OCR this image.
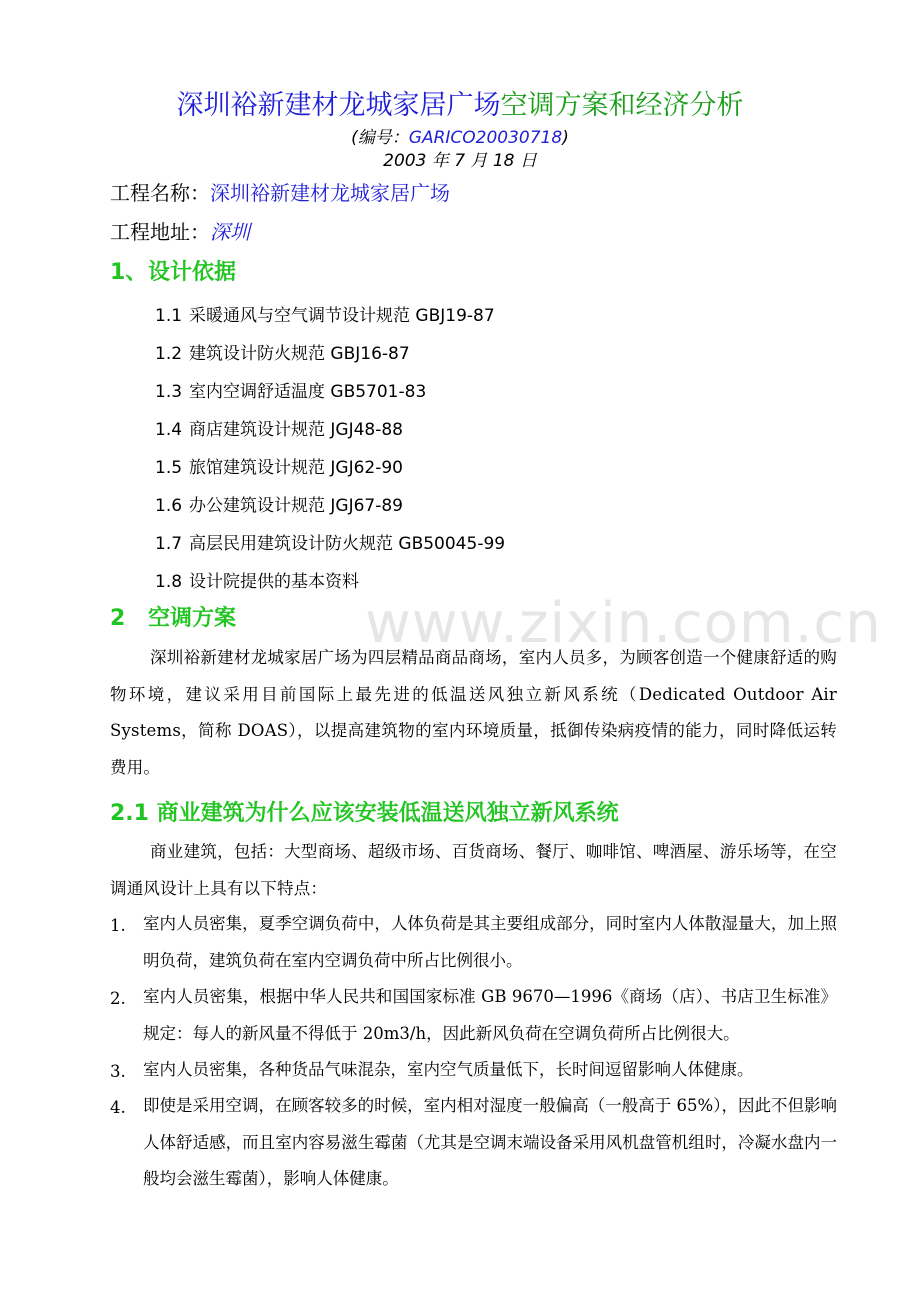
www.zixin.com.cn
深圳裕新建材龙城家居广场空调方案和经济分析
(编号：GARICO20030718)
2003 年 7 月 18 日
工程名称：深圳裕新建材龙城家居广场
工程地址：深圳
1、设计依据
1.1 采暖通风与空气调节设计规范 GBJ19-87
1.2 建筑设计防火规范 GBJ16-87
1.3 室内空调舒适温度 GB5701-83
1.4 商店建筑设计规范 JGJ48-88
1.5 旅馆建筑设计规范 JGJ62-90
1.6 办公建筑设计规范 JGJ67-89
1.7 高层民用建筑设计防火规范 GB50045-99
1.8 设计院提供的基本资料
2 空调方案
深圳裕新建材龙城家居广场为四层精品商品商场，室内人员多，为顾客创造一个健康舒适的购物环境，建议采用目前国际上最先进的低温送风独立新风系统（Dedicated Outdoor Air Systems，简称 DOAS），以提高建筑物的室内环境质量，抵御传染病疫情的能力，同时降低运转费用。
2.1 商业建筑为什么应该安装低温送风独立新风系统
商业建筑，包括：大型商场、超级市场、百货商场、餐厅、咖啡馆、啤酒屋、游乐场等，在空调通风设计上具有以下特点：
1.	室内人员密集，夏季空调负荷中，人体负荷是其主要组成部分，同时室内人体散湿量大，加上照明负荷，建筑负荷在室内空调负荷中所占比例很小。
2.	室内人员密集，根据中华人民共和国国家标准 GB 9670—1996《商场（店）、书店卫生标准》规定：每人的新风量不得低于 20m3/h，因此新风负荷在空调负荷所占比例很大。
3.	室内人员密集，各种货品气味混杂，室内空气质量低下，长时间逗留影响人体健康。
4.	即使是采用空调，在顾客较多的时候，室内相对湿度一般偏高（一般高于 65%），因此不但影响人体舒适感，而且室内容易滋生霉菌（尤其是空调末端设备采用风机盘管机组时，冷凝水盘内一般均会滋生霉菌），影响人体健康。
